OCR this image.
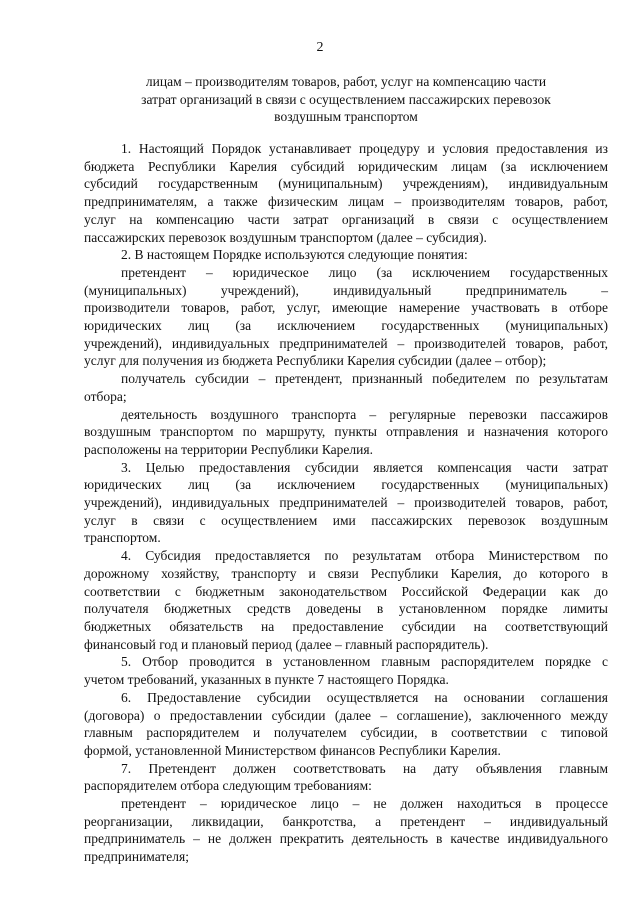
2
лицам – производителям товаров, работ, услуг на компенсацию части
затрат организаций в связи с осуществлением пассажирских перевозок
воздушным транспортом
1. Настоящий Порядок устанавливает процедуру и условия предоставления из
бюджета Республики Карелия субсидий юридическим лицам (за исключением
субсидий государственным (муниципальным) учреждениям), индивидуальным
предпринимателям, а также физическим лицам – производителям товаров, работ,
услуг на компенсацию части затрат организаций в связи с осуществлением
пассажирских перевозок воздушным транспортом (далее – субсидия).
2. В настоящем Порядке используются следующие понятия:
претендент – юридическое лицо (за исключением государственных
(муниципальных) учреждений), индивидуальный предприниматель –
производители товаров, работ, услуг, имеющие намерение участвовать в отборе
юридических лиц (за исключением государственных (муниципальных)
учреждений), индивидуальных предпринимателей – производителей товаров, работ,
услуг для получения из бюджета Республики Карелия субсидии (далее – отбор);
получатель субсидии – претендент, признанный победителем по результатам
отбора;
деятельность воздушного транспорта – регулярные перевозки пассажиров
воздушным транспортом по маршруту, пункты отправления и назначения которого
расположены на территории Республики Карелия.
3. Целью предоставления субсидии является компенсация части затрат
юридических лиц (за исключением государственных (муниципальных)
учреждений), индивидуальных предпринимателей – производителей товаров, работ,
услуг в связи с осуществлением ими пассажирских перевозок воздушным
транспортом.
4. Субсидия предоставляется по результатам отбора Министерством по
дорожному хозяйству, транспорту и связи Республики Карелия, до которого в
соответствии с бюджетным законодательством Российской Федерации как до
получателя бюджетных средств доведены в установленном порядке лимиты
бюджетных обязательств на предоставление субсидии на соответствующий
финансовый год и плановый период (далее – главный распорядитель).
5. Отбор проводится в установленном главным распорядителем порядке с
учетом требований, указанных в пункте 7 настоящего Порядка.
6. Предоставление субсидии осуществляется на основании соглашения
(договора) о предоставлении субсидии (далее – соглашение), заключенного между
главным распорядителем и получателем субсидии, в соответствии с типовой
формой, установленной Министерством финансов Республики Карелия.
7. Претендент должен соответствовать на дату объявления главным
распорядителем отбора следующим требованиям:
претендент – юридическое лицо – не должен находиться в процессе
реорганизации, ликвидации, банкротства, а претендент – индивидуальный
предприниматель – не должен прекратить деятельность в качестве индивидуального
предпринимателя;
